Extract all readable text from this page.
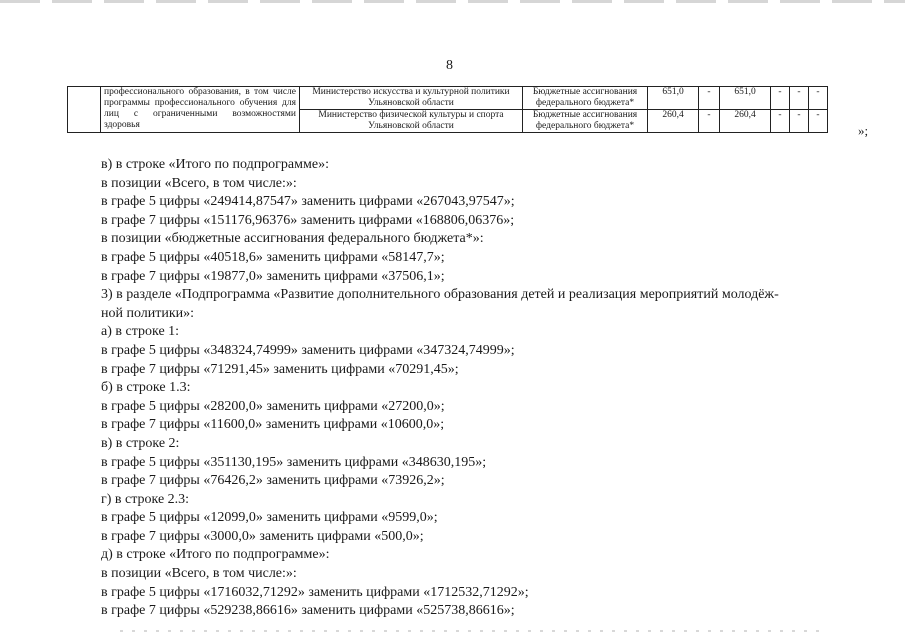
8
	профессионального образования, в том числе программы профессионального обучения для лиц с ограниченными возможностями здоровья	Министерство искусства и культурной политики Ульяновской области	Бюджетные ассигнования федерального бюджета*	651,0	-	651,0	-	-	-
		Министерство физической культуры и спорта Ульяновской области	Бюджетные ассигнования федерального бюджета*	260,4	-	260,4	-	-	-
»;
в) в строке «Итого по подпрограмме»:
в позиции «Всего, в том числе:»:
в графе 5 цифры «249414,87547» заменить цифрами «267043,97547»;
в графе 7 цифры «151176,96376» заменить цифрами «168806,06376»;
в позиции «бюджетные ассигнования федерального бюджета*»:
в графе 5 цифры «40518,6» заменить цифрами «58147,7»;
в графе 7 цифры «19877,0» заменить цифрами «37506,1»;
3) в разделе «Подпрограмма «Развитие дополнительного образования детей и реализация мероприятий молодёж-
ной политики»:
а) в строке 1:
в графе 5 цифры «348324,74999» заменить цифрами «347324,74999»;
в графе 7 цифры «71291,45» заменить цифрами «70291,45»;
б) в строке 1.3:
в графе 5 цифры «28200,0» заменить цифрами «27200,0»;
в графе 7 цифры «11600,0» заменить цифрами «10600,0»;
в) в строке 2:
в графе 5 цифры «351130,195» заменить цифрами «348630,195»;
в графе 7 цифры «76426,2» заменить цифрами «73926,2»;
г) в строке 2.3:
в графе 5 цифры «12099,0» заменить цифрами «9599,0»;
в графе 7 цифры «3000,0» заменить цифрами «500,0»;
д) в строке «Итого по подпрограмме»:
в позиции «Всего, в том числе:»:
в графе 5 цифры «1716032,71292» заменить цифрами «1712532,71292»;
в графе 7 цифры «529238,86616» заменить цифрами «525738,86616»;
